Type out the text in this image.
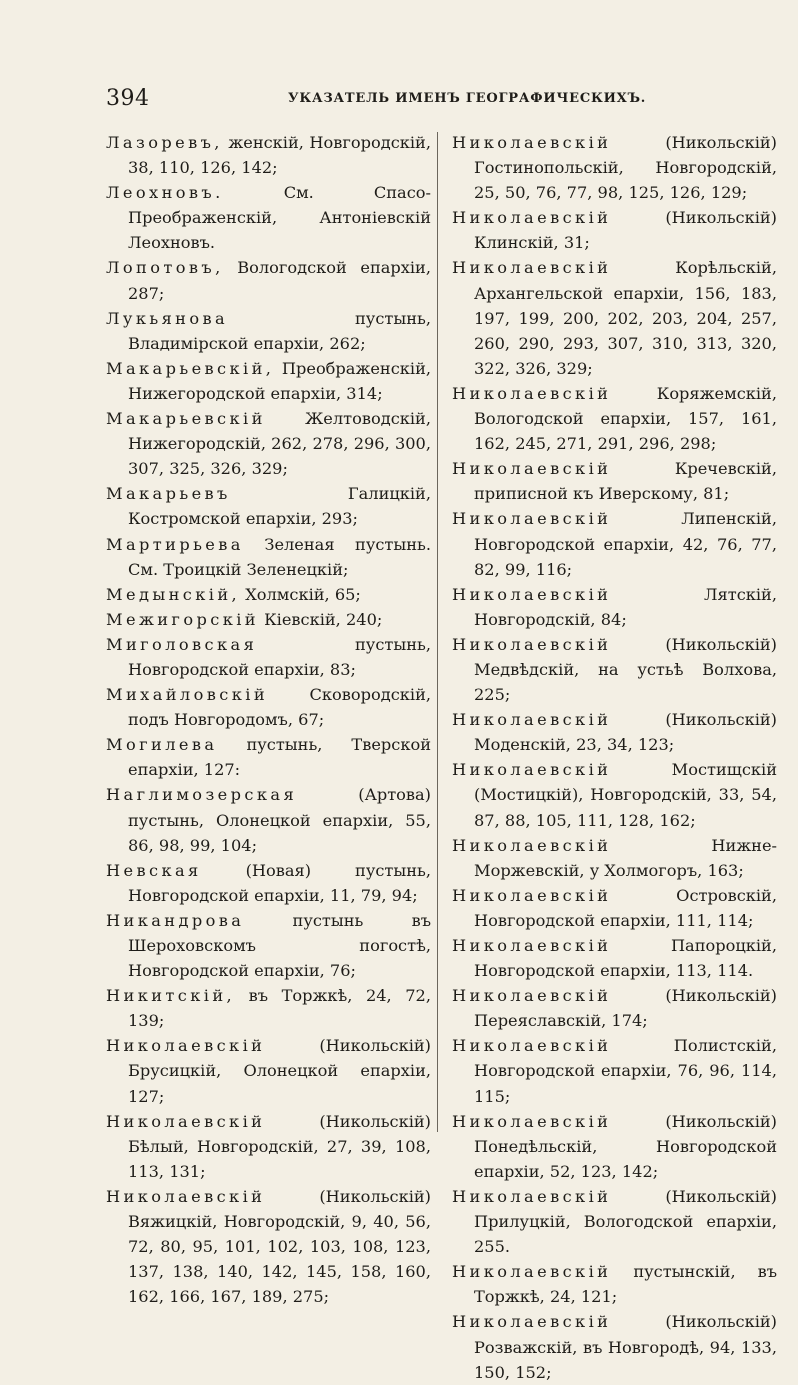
394	УКАЗАТЕЛЬ ИМЕНЪ ГЕОГРАФИЧЕСКИХЪ.

Лазоревъ, женскій, Новгородскій, 38, 110, 126, 142;

Леохновъ. См. Спасо-Преображенскій, Антоніевскій Леохновъ.

Лопотовъ, Вологодской епархіи, 287;

Лукьянова пустынь, Владимірской епархіи, 262;

Макарьевскій, Преображенскій, Нижегородской епархіи, 314;

Макарьевскій Желтоводскій, Нижегородскій, 262, 278, 296, 300, 307, 325, 326, 329;

Макарьевъ Галицкій, Костромской епархіи, 293;

Мартирьева Зеленая пустынь. См. Троицкій Зеленецкій;

Медынскій, Холмскій, 65;

Межигорскій Кіевскій, 240;

Миголовская пустынь, Новгородской епархіи, 83;

Михайловскій Сковородскій, подъ Новгородомъ, 67;

Могилева пустынь, Тверской епархіи, 127:

Наглимозерская (Артова) пустынь, Олонецкой епархіи, 55, 86, 98, 99, 104;

Невская (Новая) пустынь, Новгородской епархіи, 11, 79, 94;

Никандрова пустынь въ Шероховскомъ погостѣ, Новгородской епархіи, 76;

Никитскій, въ Торжкѣ, 24, 72, 139;

Николаевскій (Никольскій) Брусицкій, Олонецкой епархіи, 127;

Николаевскій (Никольскій) Бѣлый, Новгородскій, 27, 39, 108, 113, 131;

Николаевскій (Никольскій) Вяжицкій, Новгородскій, 9, 40, 56, 72, 80, 95, 101, 102, 103, 108, 123, 137, 138, 140, 142, 145, 158, 160, 162, 166, 167, 189, 275;

Николаевскій (Никольскій) Гостинопольскій, Новгородскій, 25, 50, 76, 77, 98, 125, 126, 129;

Николаевскій (Никольскій) Клинскій, 31;

Николаевскій Корѣльскій, Архангельской епархіи, 156, 183, 197, 199, 200, 202, 203, 204, 257, 260, 290, 293, 307, 310, 313, 320, 322, 326, 329;

Николаевскій Коряжемскій, Вологодской епархіи, 157, 161, 162, 245, 271, 291, 296, 298;

Николаевскій Кречевскій, приписной къ Иверскому, 81;

Николаевскій Липенскій, Новгородской епархіи, 42, 76, 77, 82, 99, 116;

Николаевскій Лятскій, Новгородскій, 84;

Николаевскій (Никольскій) Медвѣдскій, на устьѣ Волхова, 225;

Николаевскій (Никольскій) Моденскій, 23, 34, 123;

Николаевскій Мостищскій (Мостицкій), Новгородскій, 33, 54, 87, 88, 105, 111, 128, 162;

Николаевскій Нижне-Моржевскій, у Холмогоръ, 163;

Николаевскій Островскій, Новгородской епархіи, 111, 114;

Николаевскій Папороцкій, Новгородской епархіи, 113, 114.

Николаевскій (Никольскій) Переяславскій, 174;

Николаевскій Полистскій, Новгородской епархіи, 76, 96, 114, 115;

Николаевскій (Никольскій) Понедѣльскій, Новгородской епархіи, 52, 123, 142;

Николаевскій (Никольскій) Прилуцкій, Вологодской епархіи, 255.

Николаевскій пустынскій, въ Торжкѣ, 24, 121;

Николаевскій (Никольскій) Розважскій, въ Новгородѣ, 94, 133, 150, 152;
